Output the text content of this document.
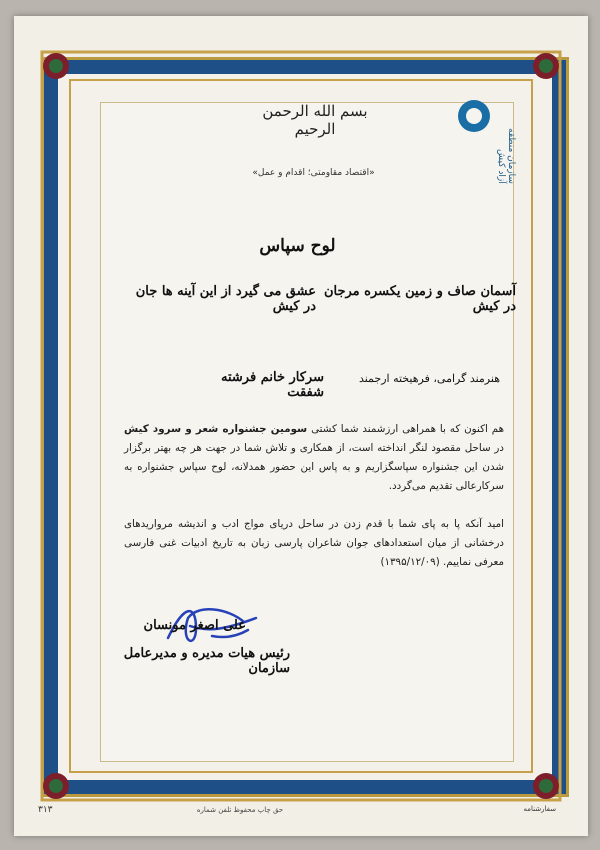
سازمان منطقه آزاد کیش
بسم الله الرحمن الرحيم
«اقتصاد مقاومتی؛ اقدام و عمل»
لوح سپاس
آسمان صاف و زمین یکسره مرجان در کیش
عشق می گیرد از این آینه ها جان در کیش
هنرمند گرامی، فرهیخته ارجمند
سرکار خانم فرشته شفقت
هم اکنون که با همراهی ارزشمند شما کشتی سومین جشنواره شعر و سرود کیش در ساحل مقصود لنگر انداخته است، از همکاری و تلاش شما در جهت هر چه بهتر برگزار شدن این جشنواره سپاسگزاریم و به پاس این حضور همدلانه، لوح سپاس جشنواره به سرکارعالی تقدیم می‌گردد.

امید آنکه پا به پای شما با قدم زدن در ساحل دریای مواج ادب و اندیشه مرواریدهای درخشانی از میان استعدادهای جوان شاعران پارسی زبان به تاریخ ادبیات غنی فارسی معرفی نماییم. (۱۳۹۵/۱۲/۰۹)
علی اصغر مونسان
رئیس هیات مدیره و مدیرعامل سازمان
۳۱۳	حق چاپ محفوظ تلفن شماره	سفارشنامه
